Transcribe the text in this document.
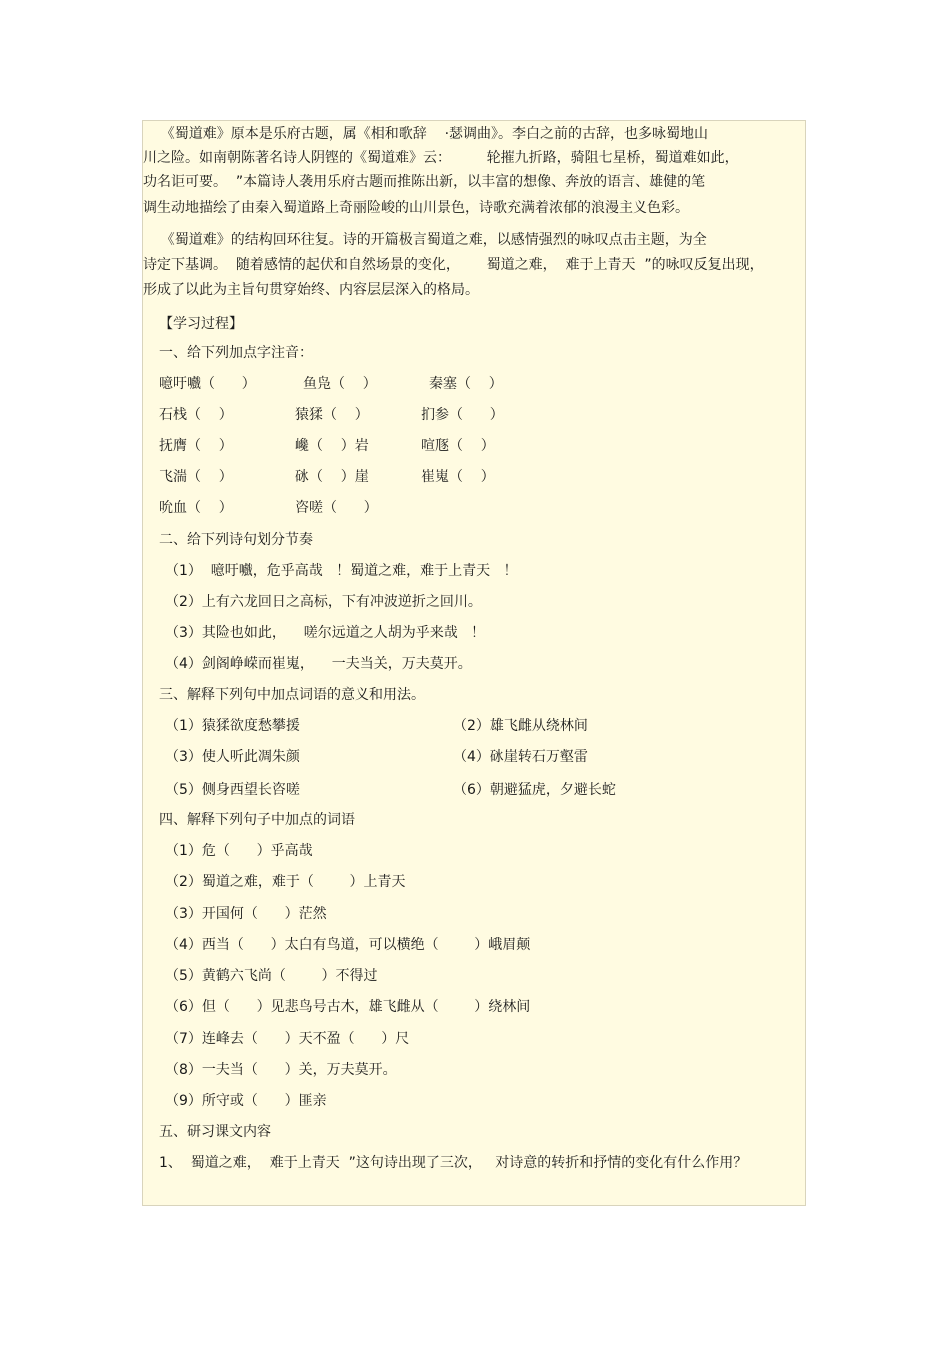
《蜀道难》原本是乐府古题，属《相和歌辞    ·瑟调曲》。李白之前的古辞，也多咏蜀地山
川之险。如南朝陈著名诗人阴铿的《蜀道难》云：        轮摧九折路，骑阻七星桥，蜀道难如此，
功名讵可要。  ”本篇诗人袭用乐府古题而推陈出新，以丰富的想像、奔放的语言、雄健的笔
调生动地描绘了由秦入蜀道路上奇丽险峻的山川景色，诗歌充满着浓郁的浪漫主义色彩。
《蜀道难》的结构回环往复。诗的开篇极言蜀道之难，以感情强烈的咏叹点击主题，为全
诗定下基调。  随着感情的起伏和自然场景的变化，      蜀道之难，  难于上青天  ”的咏叹反复出现，
形成了以此为主旨句贯穿始终、内容层层深入的格局。
【学习过程】
一、给下列加点字注音：
噫吁嚱（      ）	鱼凫（    ）	秦塞（    ）
石栈（    ）	猿猱（    ）	扪参（      ）
抚膺（    ）	巉（    ）岩	喧豗（    ）
飞湍（    ）	砯（    ）崖	崔嵬（    ）
吮血（    ）	咨嗟（      ）
二、给下列诗句划分节奏
（1）  噫吁嚱，危乎高哉   ！蜀道之难，难于上青天   ！
（2）上有六龙回日之高标，下有冲波逆折之回川。
（3）其险也如此，    嗟尔远道之人胡为乎来哉   ！
（4）剑阁峥嵘而崔嵬，    一夫当关，万夫莫开。
三、解释下列句中加点词语的意义和用法。
（1）猿猱欲度愁攀援	（2）雄飞雌从绕林间
（3）使人听此凋朱颜	（4）砯崖转石万壑雷
（5）侧身西望长咨嗟	（6）朝避猛虎，夕避长蛇
四、解释下列句子中加点的词语
（1）危（      ）乎高哉
（2）蜀道之难，难于（        ）上青天
（3）开国何（      ）茫然
（4）西当（      ）太白有鸟道，可以横绝（        ）峨眉颠
（5）黄鹤六飞尚（        ）不得过
（6）但（      ）见悲鸟号古木，雄飞雌从（        ）绕林间
（7）连峰去（      ）天不盈（      ）尺
（8）一夫当（      ）关，万夫莫开。
（9）所守或（      ）匪亲
五、研习课文内容
1、  蜀道之难，  难于上青天  ”这句诗出现了三次，   对诗意的转折和抒情的变化有什么作用？
